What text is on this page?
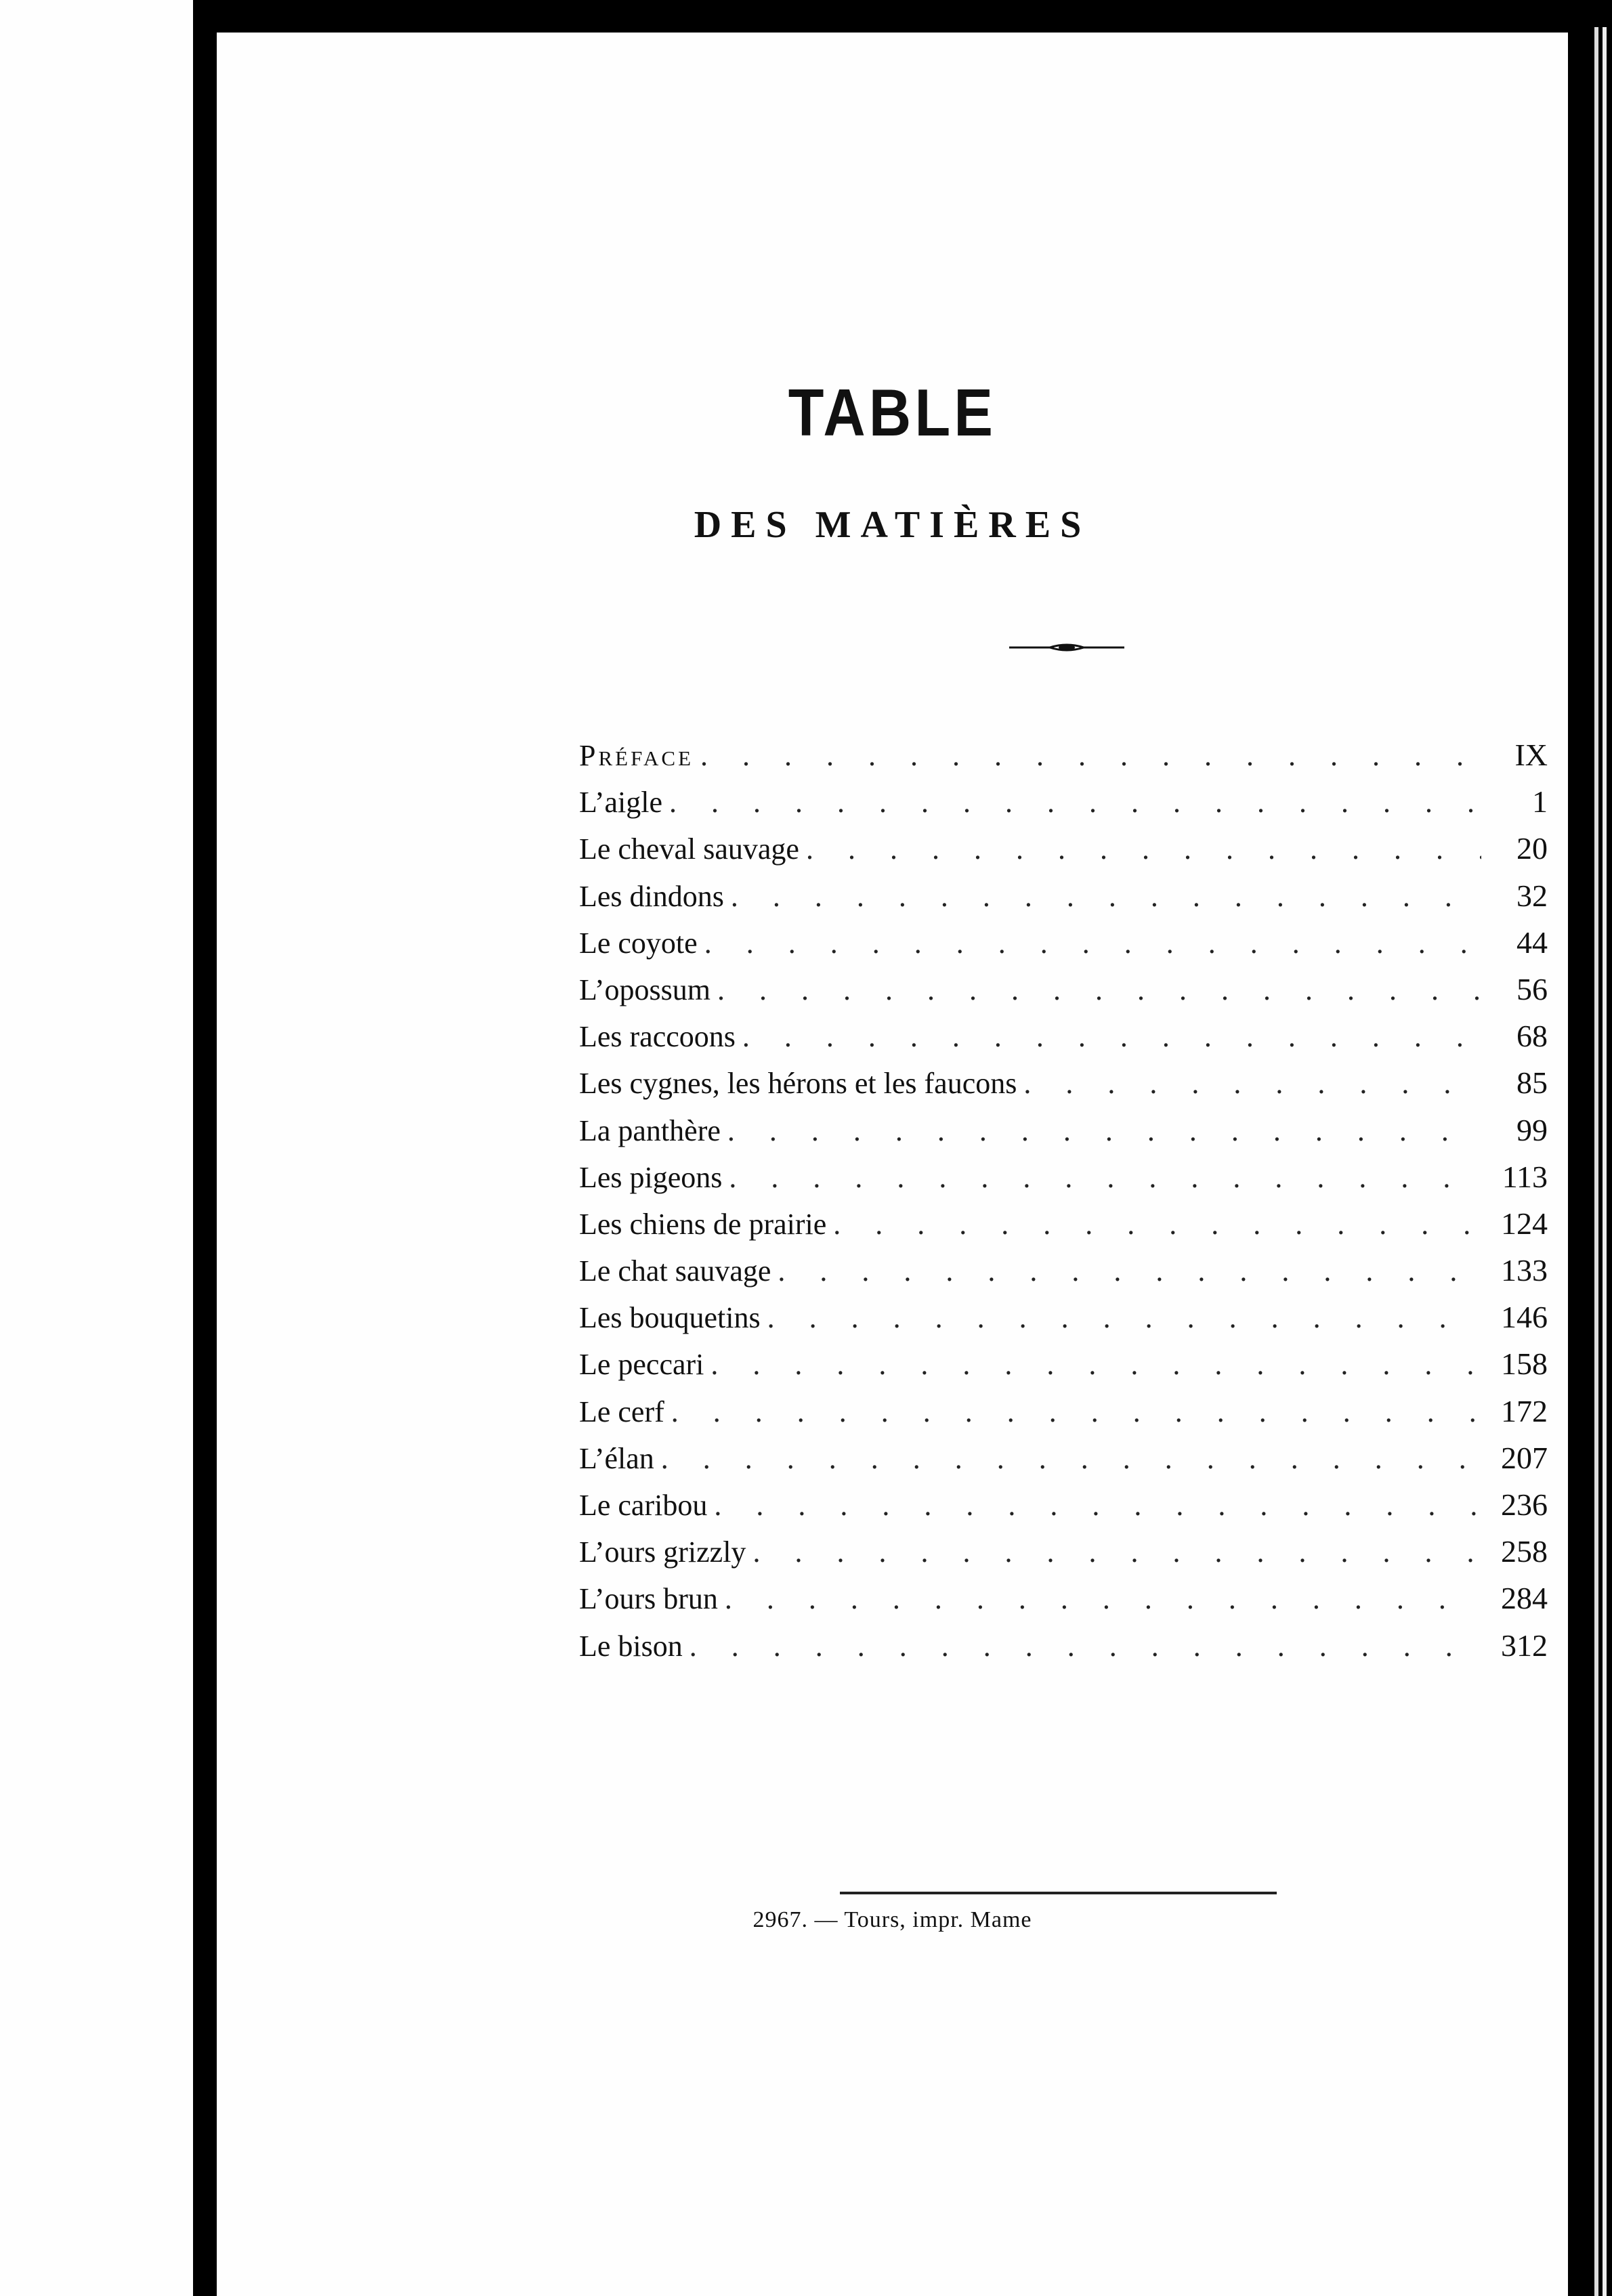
TABLE
DES MATIÈRES
Préface . . .	IX
L’aigle . . .	1
Le cheval sauvage . . .	20
Les dindons . . .	32
Le coyote . . .	44
L’opossum . . .	56
Les raccoons . . .	68
Les cygnes, les hérons et les faucons . . .	85
La panthère . . .	99
Les pigeons . . .	113
Les chiens de prairie . . .	124
Le chat sauvage . . .	133
Les bouquetins . . .	146
Le peccari . . .	158
Le cerf . . .	172
L’élan . . .	207
Le caribou . . .	236
L’ours grizzly . . .	258
L’ours brun . . .	284
Le bison . . .	312

2967. — Tours, impr. Mame
